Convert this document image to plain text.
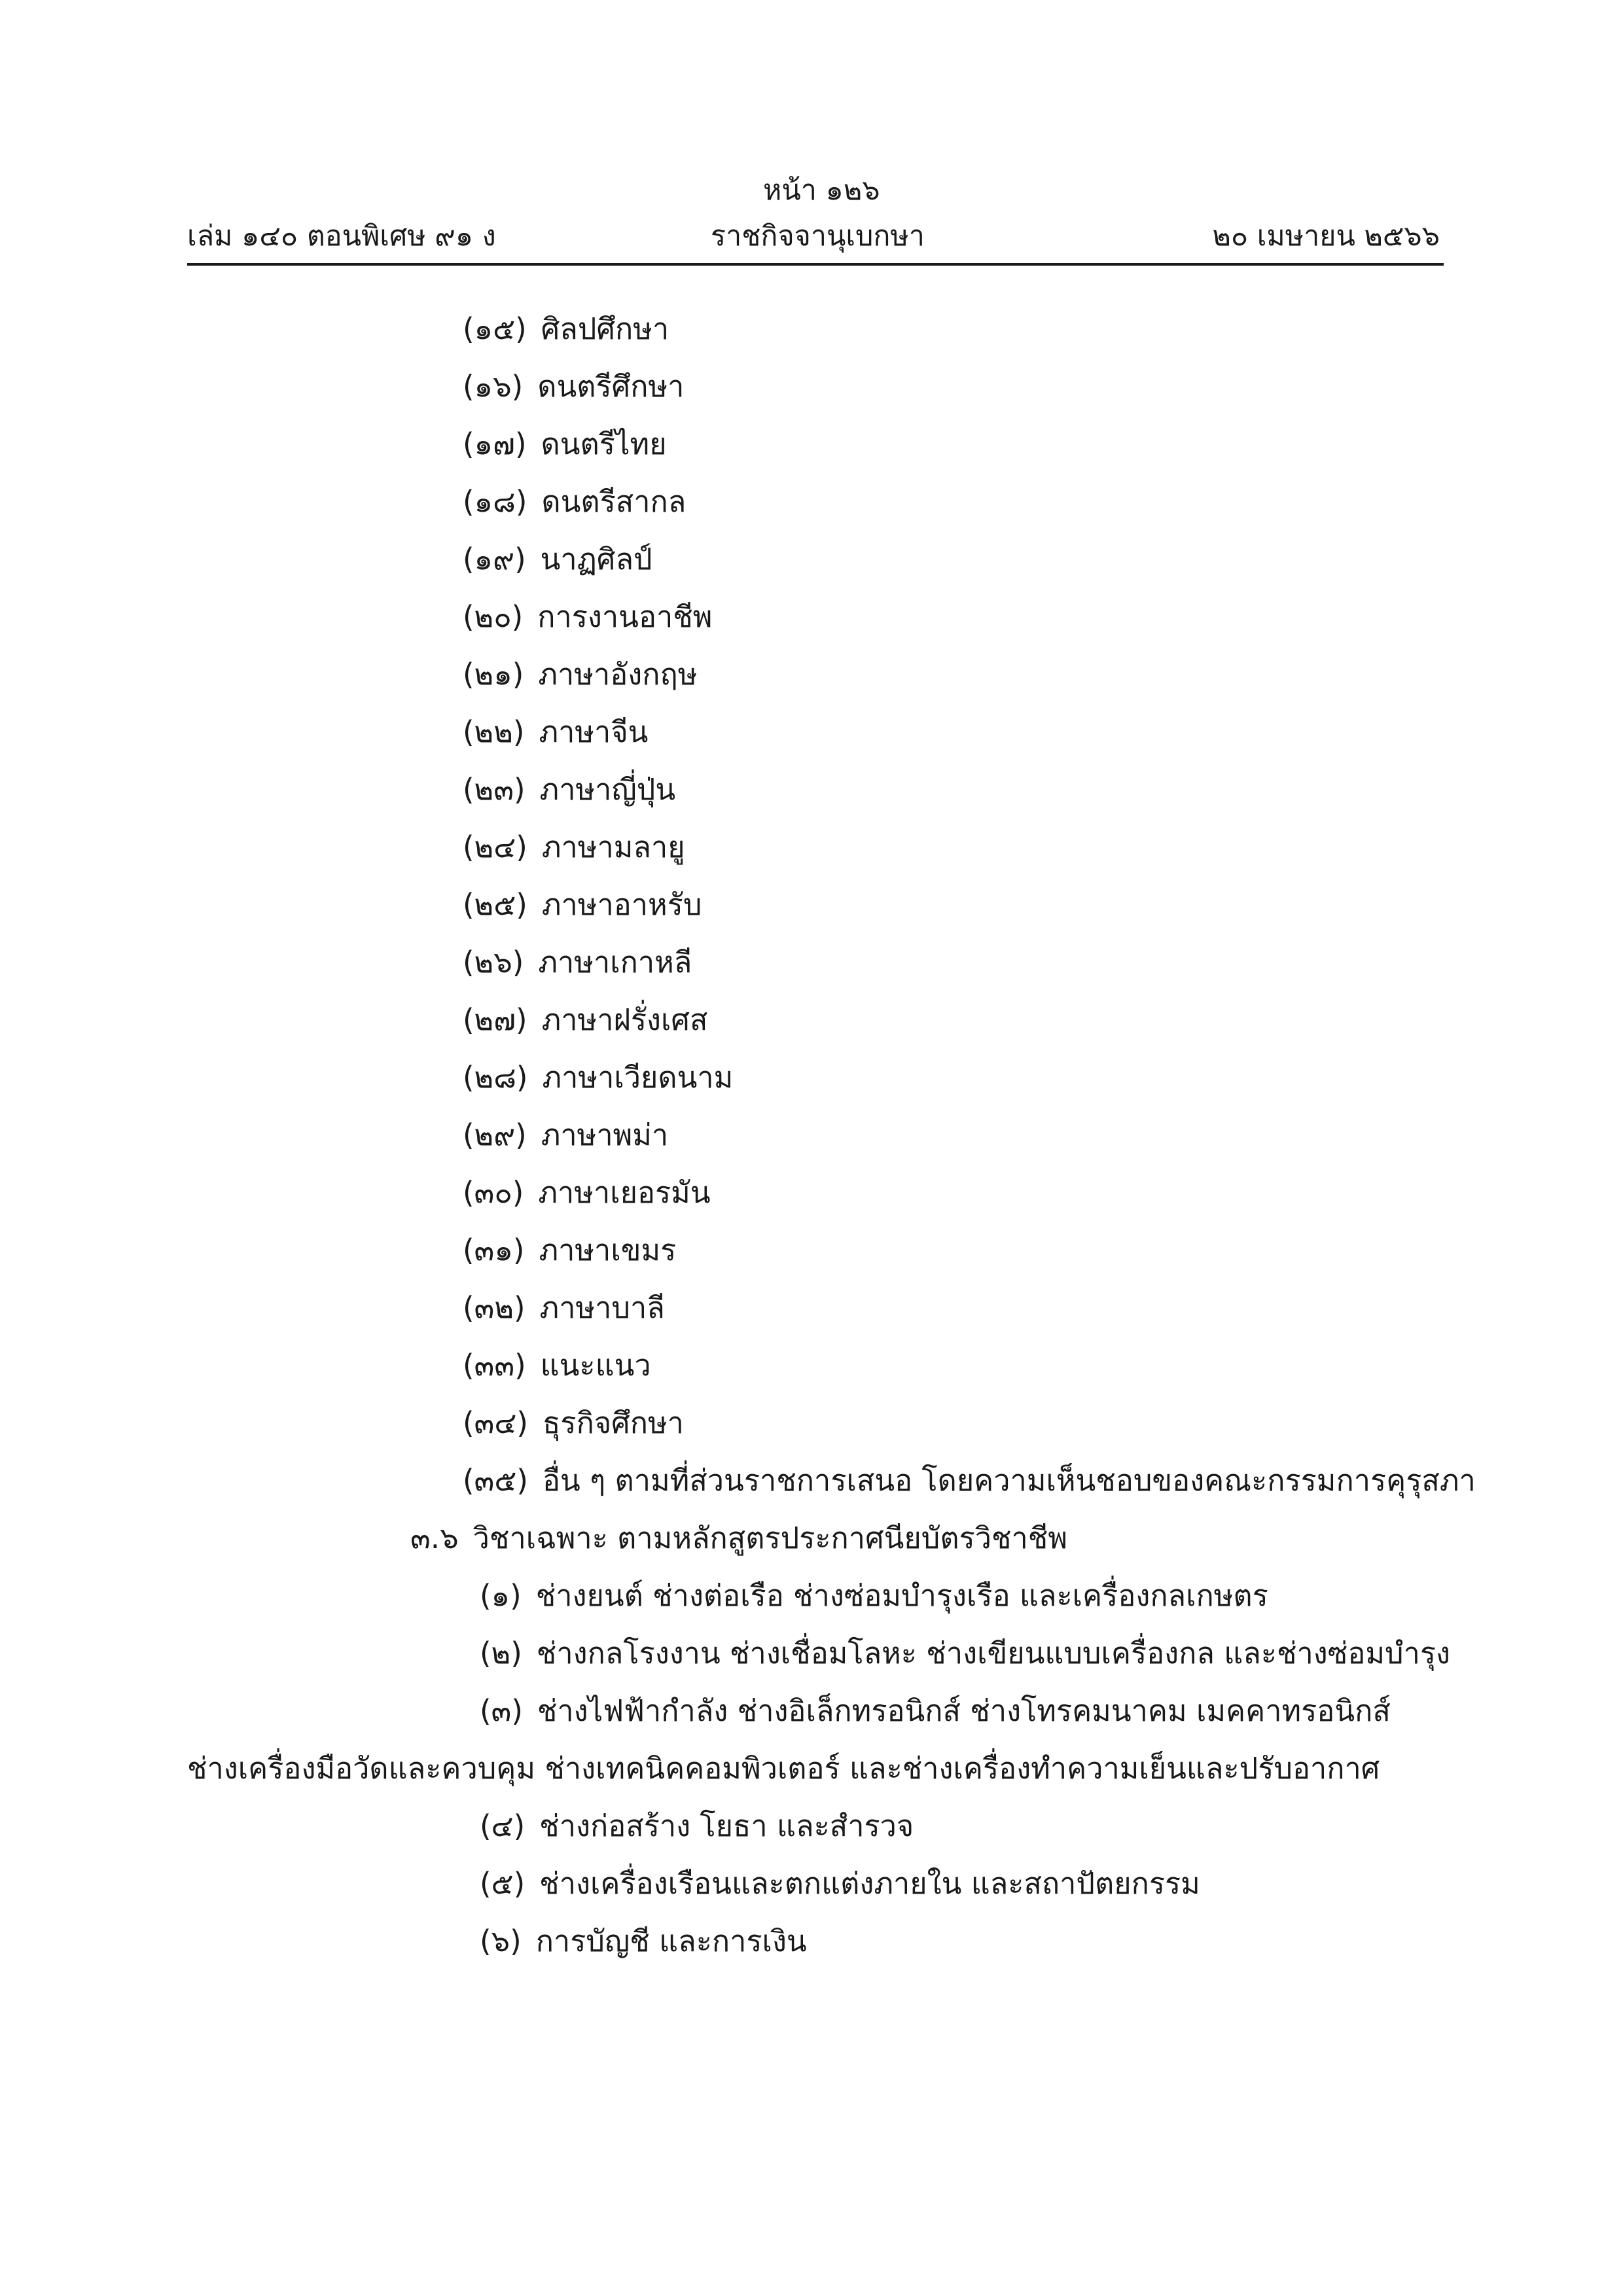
หน้า ๑๒๖
เล่ม ๑๔๐ ตอนพิเศษ ๙๑ ง	ราชกิจจานุเบกษา	๒๐ เมษายน ๒๕๖๖
(๑๕) ศิลปศึกษา
(๑๖) ดนตรีศึกษา
(๑๗) ดนตรีไทย
(๑๘) ดนตรีสากล
(๑๙) นาฏศิลป์
(๒๐) การงานอาชีพ
(๒๑) ภาษาอังกฤษ
(๒๒) ภาษาจีน
(๒๓) ภาษาญี่ปุ่น
(๒๔) ภาษามลายู
(๒๕) ภาษาอาหรับ
(๒๖) ภาษาเกาหลี
(๒๗) ภาษาฝรั่งเศส
(๒๘) ภาษาเวียดนาม
(๒๙) ภาษาพม่า
(๓๐) ภาษาเยอรมัน
(๓๑) ภาษาเขมร
(๓๒) ภาษาบาลี
(๓๓) แนะแนว
(๓๔) ธุรกิจศึกษา
(๓๕) อื่น ๆ ตามที่ส่วนราชการเสนอ โดยความเห็นชอบของคณะกรรมการคุรุสภา
๓.๖ วิชาเฉพาะ ตามหลักสูตรประกาศนียบัตรวิชาชีพ
(๑) ช่างยนต์ ช่างต่อเรือ ช่างซ่อมบำรุงเรือ และเครื่องกลเกษตร
(๒) ช่างกลโรงงาน ช่างเชื่อมโลหะ ช่างเขียนแบบเครื่องกล และช่างซ่อมบำรุง
(๓) ช่างไฟฟ้ากำลัง ช่างอิเล็กทรอนิกส์ ช่างโทรคมนาคม เมคคาทรอนิกส์
ช่างเครื่องมือวัดและควบคุม ช่างเทคนิคคอมพิวเตอร์ และช่างเครื่องทำความเย็นและปรับอากาศ
(๔) ช่างก่อสร้าง โยธา และสำรวจ
(๕) ช่างเครื่องเรือนและตกแต่งภายใน และสถาปัตยกรรม
(๖) การบัญชี และการเงิน
